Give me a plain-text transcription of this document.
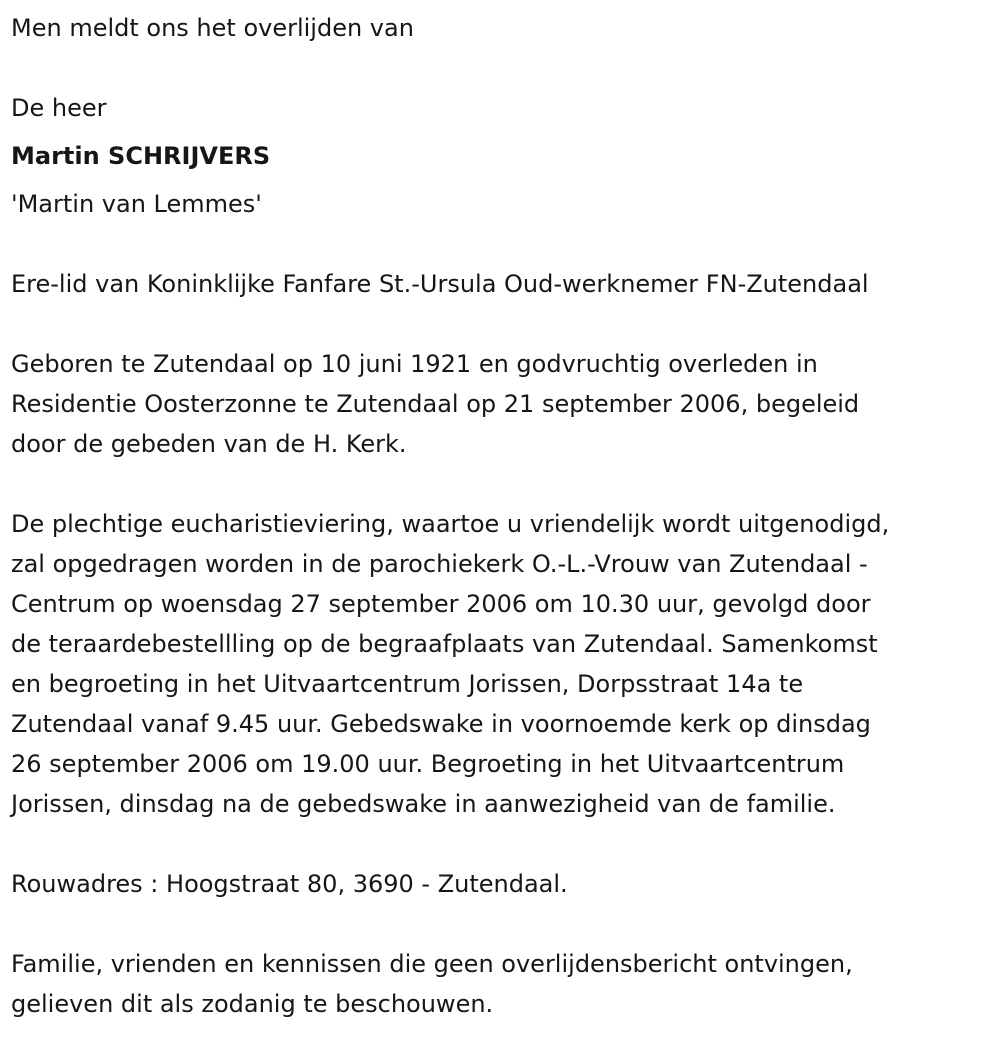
Men meldt ons het overlijden van

De heer

Martin SCHRIJVERS

'Martin van Lemmes'

Ere-lid van Koninklijke Fanfare St.-Ursula Oud-werknemer FN-Zutendaal

Geboren te Zutendaal op 10 juni 1921 en godvruchtig overleden in

Residentie Oosterzonne te Zutendaal op 21 september 2006, begeleid

door de gebeden van de H. Kerk.

De plechtige eucharistieviering, waartoe u vriendelijk wordt uitgenodigd,

zal opgedragen worden in de parochiekerk O.-L.-Vrouw van Zutendaal -

Centrum op woensdag 27 september 2006 om 10.30 uur, gevolgd door

de teraardebestellling op de begraafplaats van Zutendaal. Samenkomst

en begroeting in het Uitvaartcentrum Jorissen, Dorpsstraat 14a te

Zutendaal vanaf 9.45 uur. Gebedswake in voornoemde kerk op dinsdag

26 september 2006 om 19.00 uur. Begroeting in het Uitvaartcentrum

Jorissen, dinsdag na de gebedswake in aanwezigheid van de familie.

Rouwadres : Hoogstraat 80, 3690 - Zutendaal.

Familie, vrienden en kennissen die geen overlijdensbericht ontvingen,

gelieven dit als zodanig te beschouwen.
